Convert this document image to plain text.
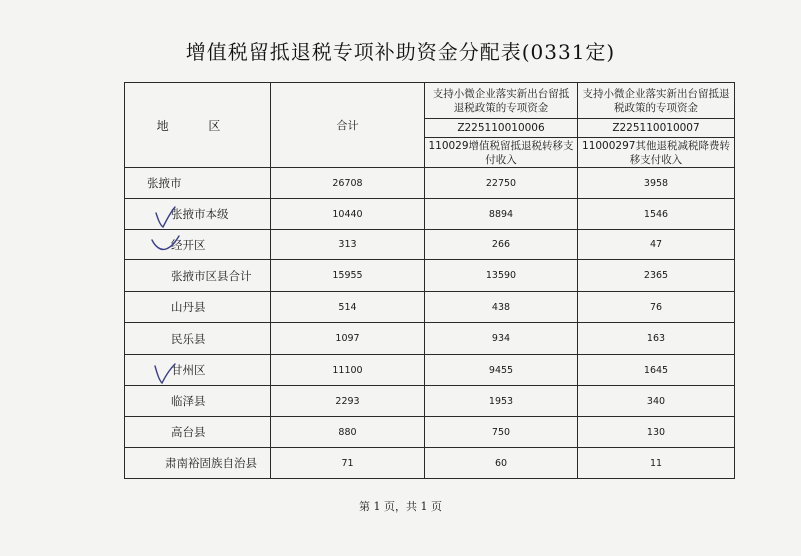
增值税留抵退税专项补助资金分配表(0331定)
地 区	合计	支持小微企业落实新出台留抵退税政策的专项资金	支持小微企业落实新出台留抵退税政策的专项资金
		Z225110010006	Z225110010007
		110029增值税留抵退税转移支付收入	11000297其他退税减税降费转移支付收入
张掖市	26708	22750	3958
张掖市本级	10440	8894	1546
经开区	313	266	47
张掖市区县合计	15955	13590	2365
山丹县	514	438	76
民乐县	1097	934	163
甘州区	11100	9455	1645
临泽县	2293	1953	340
高台县	880	750	130
肃南裕固族自治县	71	60	11
第 1 页，共 1 页
